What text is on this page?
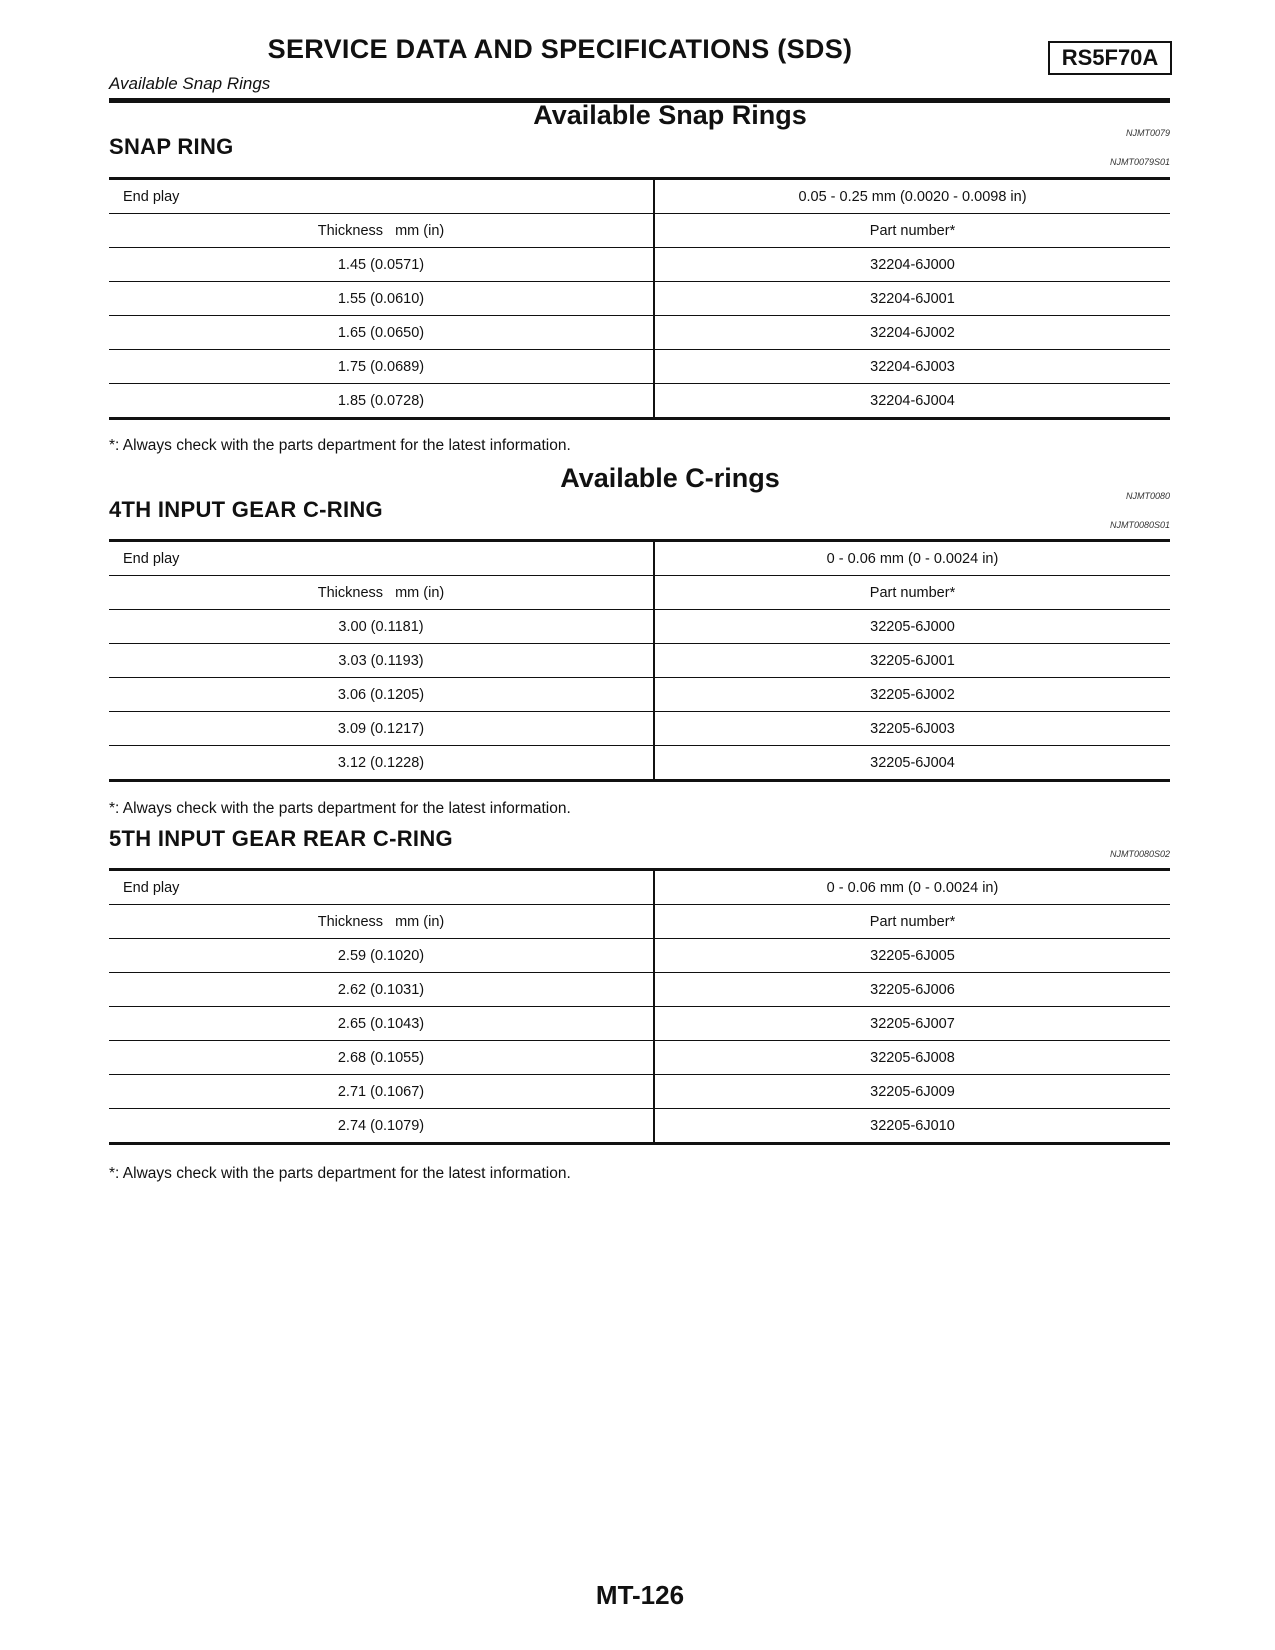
SERVICE DATA AND SPECIFICATIONS (SDS)	RS5F70A
Available Snap Rings
Available Snap Rings
NJMT0079
SNAP RING
NJMT0079S01
End play	0.05 - 0.25 mm (0.0020 - 0.0098 in)
Thickness   mm (in)	Part number*
1.45 (0.0571)	32204-6J000
1.55 (0.0610)	32204-6J001
1.65 (0.0650)	32204-6J002
1.75 (0.0689)	32204-6J003
1.85 (0.0728)	32204-6J004
*: Always check with the parts department for the latest information.
Available C-rings
NJMT0080
4TH INPUT GEAR C-RING
NJMT0080S01
End play	0 - 0.06 mm (0 - 0.0024 in)
Thickness   mm (in)	Part number*
3.00 (0.1181)	32205-6J000
3.03 (0.1193)	32205-6J001
3.06 (0.1205)	32205-6J002
3.09 (0.1217)	32205-6J003
3.12 (0.1228)	32205-6J004
*: Always check with the parts department for the latest information.
5TH INPUT GEAR REAR C-RING
NJMT0080S02
End play	0 - 0.06 mm (0 - 0.0024 in)
Thickness   mm (in)	Part number*
2.59 (0.1020)	32205-6J005
2.62 (0.1031)	32205-6J006
2.65 (0.1043)	32205-6J007
2.68 (0.1055)	32205-6J008
2.71 (0.1067)	32205-6J009
2.74 (0.1079)	32205-6J010
*: Always check with the parts department for the latest information.
MT-126
